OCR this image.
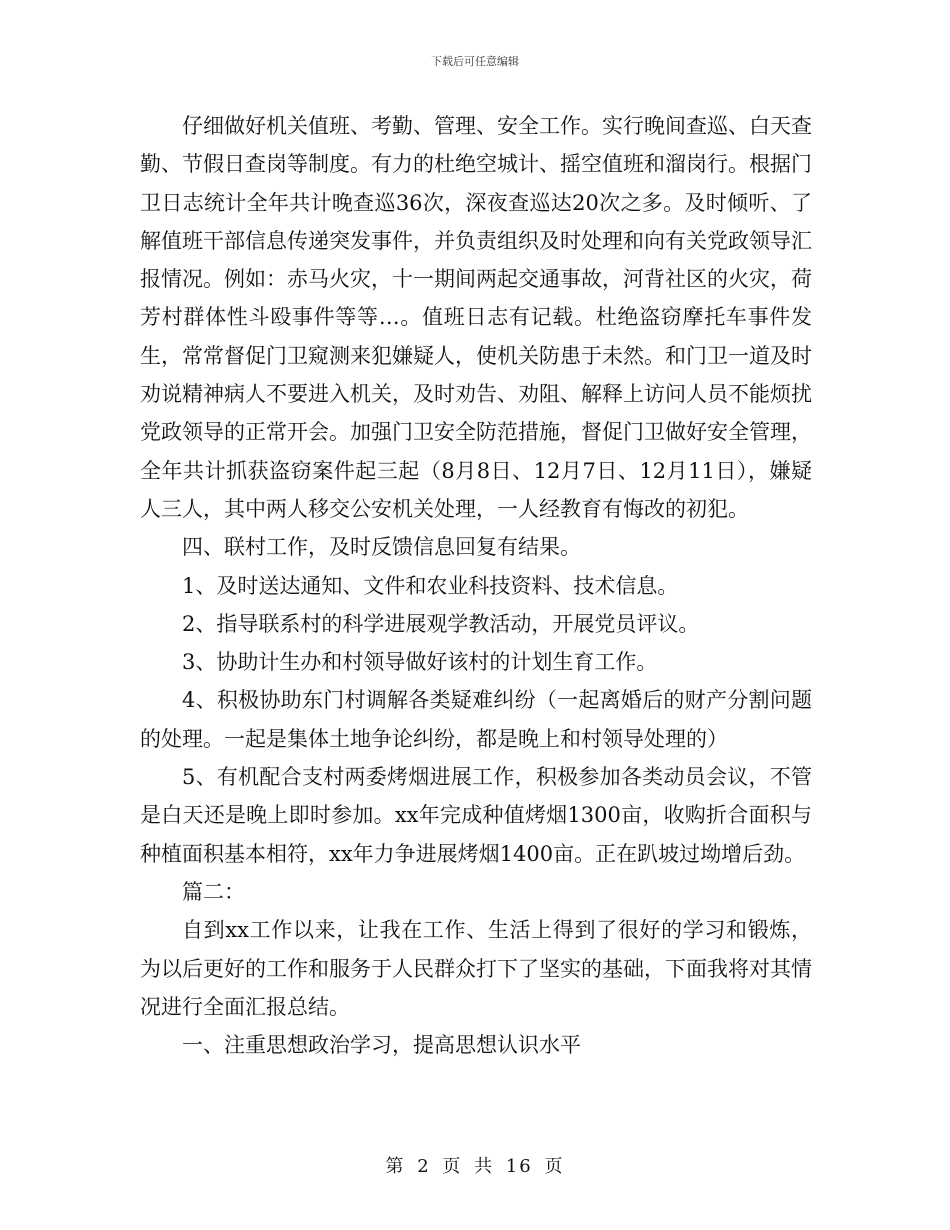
下载后可任意编辑

仔细做好机关值班、考勤、管理、安全工作。实行晚间查巡、白天查勤、节假日查岗等制度。有力的杜绝空城计、摇空值班和溜岗行。根据门卫日志统计全年共计晚查巡36次，深夜查巡达20次之多。及时倾听、了解值班干部信息传递突发事件，并负责组织及时处理和向有关党政领导汇报情况。例如：赤马火灾，十一期间两起交通事故，河背社区的火灾，荷芳村群体性斗殴事件等等…。值班日志有记载。杜绝盗窃摩托车事件发生，常常督促门卫窥测来犯嫌疑人，使机关防患于未然。和门卫一道及时劝说精神病人不要进入机关，及时劝告、劝阻、解释上访问人员不能烦扰党政领导的正常开会。加强门卫安全防范措施，督促门卫做好安全管理，全年共计抓获盗窃案件起三起（8月8日、12月7日、12月11日），嫌疑人三人，其中两人移交公安机关处理，一人经教育有悔改的初犯。

四、联村工作，及时反馈信息回复有结果。

1、及时送达通知、文件和农业科技资料、技术信息。

2、指导联系村的科学进展观学教活动，开展党员评议。

3、协助计生办和村领导做好该村的计划生育工作。

4、积极协助东门村调解各类疑难纠纷（一起离婚后的财产分割问题的处理。一起是集体土地争论纠纷，都是晚上和村领导处理的）

5、有机配合支村两委烤烟进展工作，积极参加各类动员会议，不管是白天还是晚上即时参加。xx年完成种值烤烟1300亩，收购折合面积与种植面积基本相符，xx年力争进展烤烟1400亩。正在趴坡过坳增后劲。

篇二：

自到xx工作以来，让我在工作、生活上得到了很好的学习和锻炼，为以后更好的工作和服务于人民群众打下了坚实的基础，下面我将对其情况进行全面汇报总结。

一、注重思想政治学习，提高思想认识水平

第 2 页 共 16 页
